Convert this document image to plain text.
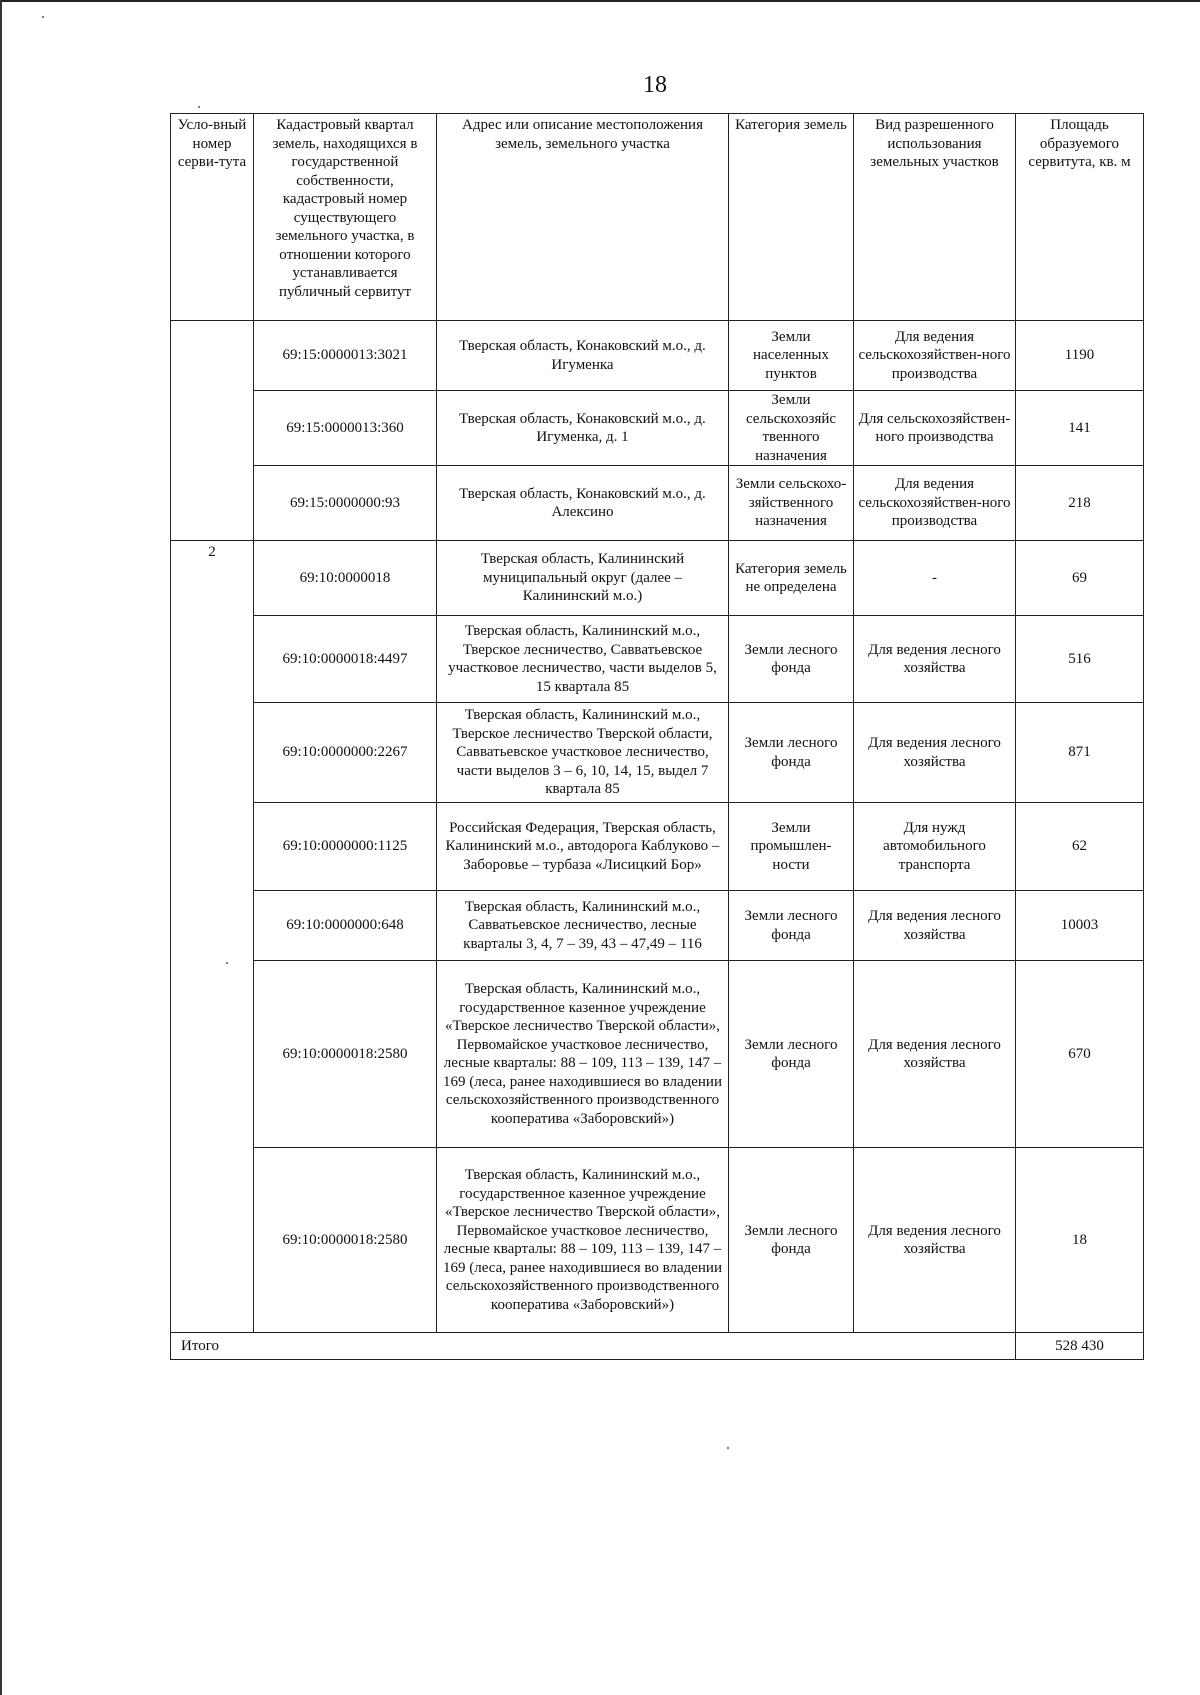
18
Усло-вный номер серви-тута	Кадастровый квартал земель, находящихся в государственной собственности, кадастровый номер существующего земельного участка, в отношении которого устанавливается публичный сервитут	Адрес или описание местоположения земель, земельного участка	Категория земель	Вид разрешенного использования земельных участков	Площадь образуемого сервитута, кв. м
	69:15:0000013:3021	Тверская область, Конаковский м.о., д. Игуменка	Земли населенных пунктов	Для ведения сельскохозяйствен-ного производства	1190
	69:15:0000013:360	Тверская область, Конаковский м.о., д. Игуменка, д. 1	Земли сельскохозяйс твенного назначения	Для сельскохозяйствен-ного производства	141
	69:15:0000000:93	Тверская область, Конаковский м.о., д. Алексино	Земли сельскохо-зяйственного назначения	Для ведения сельскохозяйствен-ного производства	218
2	69:10:0000018	Тверская область, Калининский муниципальный округ (далее – Калининский м.о.)	Категория земель не определена	-	69
	69:10:0000018:4497	Тверская область, Калининский м.о., Тверское лесничество, Савватьевское участковое лесничество, части выделов 5, 15 квартала 85	Земли лесного фонда	Для ведения лесного хозяйства	516
	69:10:0000000:2267	Тверская область, Калининский м.о., Тверское лесничество Тверской области, Савватьевское участковое лесничество, части выделов 3 – 6, 10, 14, 15, выдел 7 квартала 85	Земли лесного фонда	Для ведения лесного хозяйства	871
	69:10:0000000:1125	Российская Федерация, Тверская область, Калининский м.о., автодорога Каблуково – Заборовье – турбаза «Лисицкий Бор»	Земли промышлен-ности	Для нужд автомобильного транспорта	62
	69:10:0000000:648	Тверская область, Калининский м.о., Савватьевское лесничество, лесные кварталы 3, 4, 7 – 39, 43 – 47,49 – 116	Земли лесного фонда	Для ведения лесного хозяйства	10003
	69:10:0000018:2580	Тверская область, Калининский м.о., государственное казенное учреждение «Тверское лесничество Тверской области», Первомайское участковое лесничество, лесные кварталы: 88 – 109, 113 – 139, 147 – 169 (леса, ранее находившиеся во владении сельскохозяйственного производственного кооператива «Заборовский»)	Земли лесного фонда	Для ведения лесного хозяйства	670
	69:10:0000018:2580	Тверская область, Калининский м.о., государственное казенное учреждение «Тверское лесничество Тверской области», Первомайское участковое лесничество, лесные кварталы: 88 – 109, 113 – 139, 147 – 169 (леса, ранее находившиеся во владении сельскохозяйственного производственного кооператива «Заборовский»)	Земли лесного фонда	Для ведения лесного хозяйства	18
Итого					528 430
